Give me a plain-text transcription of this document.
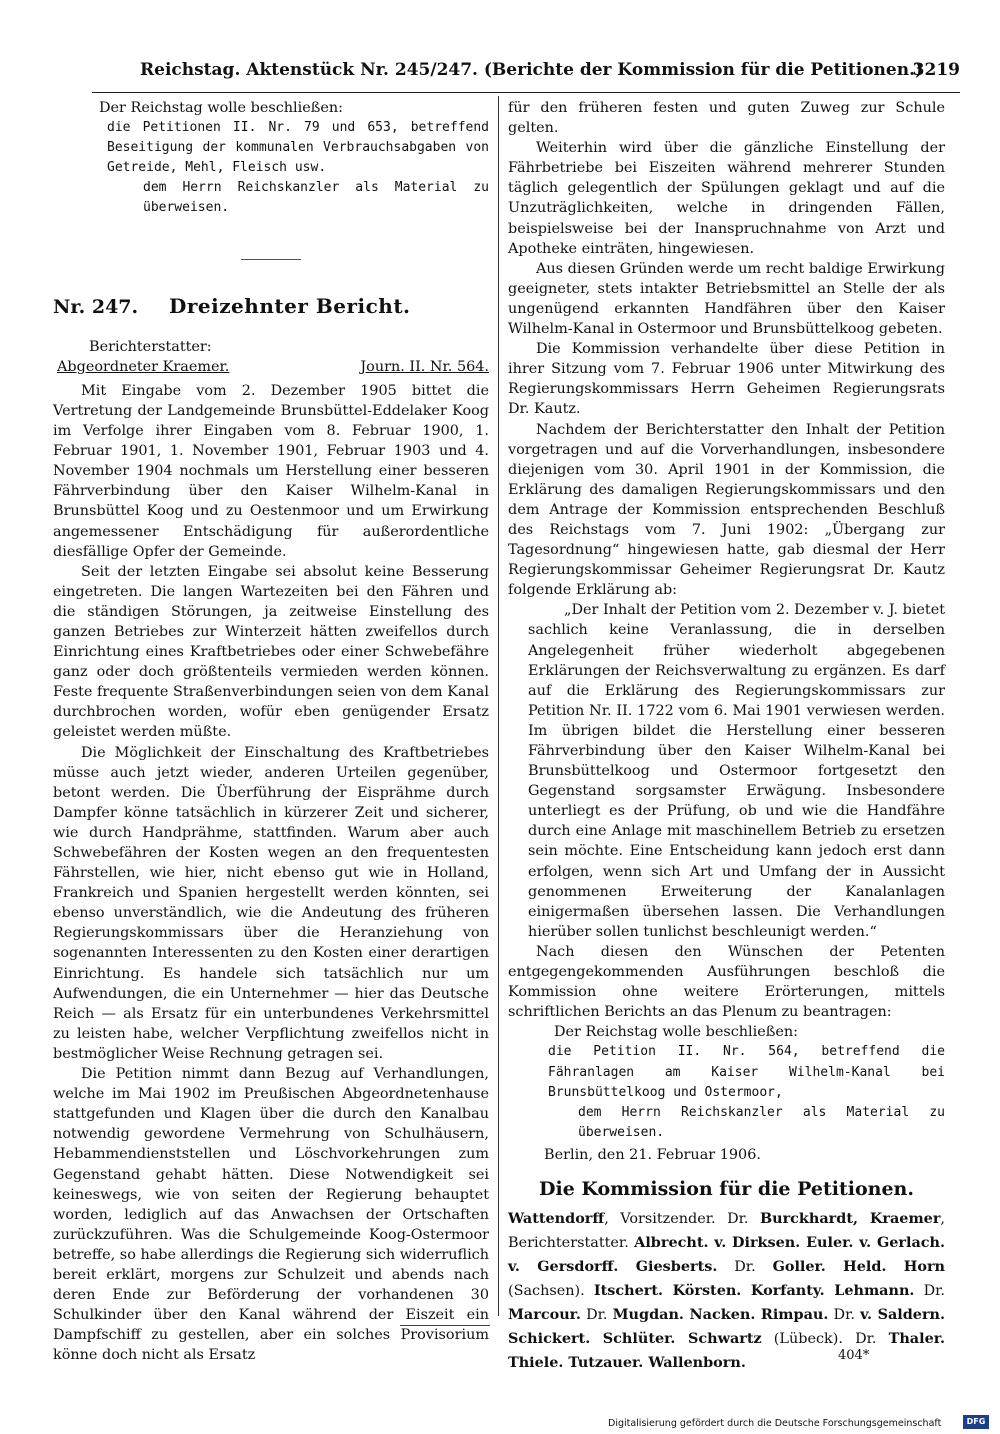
Reichstag. Aktenstück Nr. 245/247. (Berichte der Kommission für die Petitionen.)
3219

Der Reichstag wolle beschließen:

die Petitionen II. Nr. 79 und 653, betreffend Beseitigung der kommunalen Verbrauchsabgaben von Getreide, Mehl, Fleisch usw.

dem Herrn Reichskanzler als Material zu überweisen.

Nr. 247.	Dreizehnter Bericht.

Berichterstatter:

Abgeordneter Kraemer.	Journ. II. Nr. 564.

Mit Eingabe vom 2. Dezember 1905 bittet die Vertretung der Landgemeinde Brunsbüttel-Eddelaker Koog im Verfolge ihrer Eingaben vom 8. Februar 1900, 1. Februar 1901, 1. November 1901, Februar 1903 und 4. November 1904 nochmals um Herstellung einer besseren Fährverbindung über den Kaiser Wilhelm-Kanal in Brunsbüttel Koog und zu Oestenmoor und um Erwirkung angemessener Entschädigung für außerordentliche diesfällige Opfer der Gemeinde.

Seit der letzten Eingabe sei absolut keine Besserung eingetreten. Die langen Wartezeiten bei den Fähren und die ständigen Störungen, ja zeitweise Einstellung des ganzen Betriebes zur Winterzeit hätten zweifellos durch Einrichtung eines Kraftbetriebes oder einer Schwebefähre ganz oder doch größtenteils vermieden werden können. Feste frequente Straßenverbindungen seien von dem Kanal durchbrochen worden, wofür eben genügender Ersatz geleistet werden müßte.

Die Möglichkeit der Einschaltung des Kraftbetriebes müsse auch jetzt wieder, anderen Urteilen gegenüber, betont werden. Die Überführung der Eisprähme durch Dampfer könne tatsächlich in kürzerer Zeit und sicherer, wie durch Handprähme, stattfinden. Warum aber auch Schwebefähren der Kosten wegen an den frequentesten Fährstellen, wie hier, nicht ebenso gut wie in Holland, Frankreich und Spanien hergestellt werden könnten, sei ebenso unverständlich, wie die Andeutung des früheren Regierungskommissars über die Heranziehung von sogenannten Interessenten zu den Kosten einer derartigen Einrichtung. Es handele sich tatsächlich nur um Aufwendungen, die ein Unternehmer — hier das Deutsche Reich — als Ersatz für ein unterbundenes Verkehrsmittel zu leisten habe, welcher Verpflichtung zweifellos nicht in bestmöglicher Weise Rechnung getragen sei.

Die Petition nimmt dann Bezug auf Verhandlungen, welche im Mai 1902 im Preußischen Abgeordnetenhause stattgefunden und Klagen über die durch den Kanalbau notwendig gewordene Vermehrung von Schulhäusern, Hebammendienststellen und Löschvorkehrungen zum Gegenstand gehabt hätten. Diese Notwendigkeit sei keineswegs, wie von seiten der Regierung behauptet worden, lediglich auf das Anwachsen der Ortschaften zurückzuführen. Was die Schulgemeinde Koog-Ostermoor betreffe, so habe allerdings die Regierung sich widerruflich bereit erklärt, morgens zur Schulzeit und abends nach deren Ende zur Beförderung der vorhandenen 30 Schulkinder über den Kanal während der Eiszeit ein Dampfschiff zu gestellen, aber ein solches Provisorium könne doch nicht als Ersatz

für den früheren festen und guten Zuweg zur Schule gelten.

Weiterhin wird über die gänzliche Einstellung der Fährbetriebe bei Eiszeiten während mehrerer Stunden täglich gelegentlich der Spülungen geklagt und auf die Unzuträglichkeiten, welche in dringenden Fällen, beispielsweise bei der Inanspruchnahme von Arzt und Apotheke einträten, hingewiesen.

Aus diesen Gründen werde um recht baldige Erwirkung geeigneter, stets intakter Betriebsmittel an Stelle der als ungenügend erkannten Handfähren über den Kaiser Wilhelm-Kanal in Ostermoor und Brunsbüttelkoog gebeten.

Die Kommission verhandelte über diese Petition in ihrer Sitzung vom 7. Februar 1906 unter Mitwirkung des Regierungskommissars Herrn Geheimen Regierungsrats Dr. Kautz.

Nachdem der Berichterstatter den Inhalt der Petition vorgetragen und auf die Vorverhandlungen, insbesondere diejenigen vom 30. April 1901 in der Kommission, die Erklärung des damaligen Regierungskommissars und den dem Antrage der Kommission entsprechenden Beschluß des Reichstags vom 7. Juni 1902: „Übergang zur Tagesordnung“ hingewiesen hatte, gab diesmal der Herr Regierungskommissar Geheimer Regierungsrat Dr. Kautz folgende Erklärung ab:

„Der Inhalt der Petition vom 2. Dezember v. J. bietet sachlich keine Veranlassung, die in derselben Angelegenheit früher wiederholt abgegebenen Erklärungen der Reichsverwaltung zu ergänzen. Es darf auf die Erklärung des Regierungskommissars zur Petition Nr. II. 1722 vom 6. Mai 1901 verwiesen werden. Im übrigen bildet die Herstellung einer besseren Fährverbindung über den Kaiser Wilhelm-Kanal bei Brunsbüttelkoog und Ostermoor fortgesetzt den Gegenstand sorgsamster Erwägung. Insbesondere unterliegt es der Prüfung, ob und wie die Handfähre durch eine Anlage mit maschinellem Betrieb zu ersetzen sein möchte. Eine Entscheidung kann jedoch erst dann erfolgen, wenn sich Art und Umfang der in Aussicht genommenen Erweiterung der Kanalanlagen einigermaßen übersehen lassen. Die Verhandlungen hierüber sollen tunlichst beschleunigt werden.“

Nach diesen den Wünschen der Petenten entgegengekommenden Ausführungen beschloß die Kommission ohne weitere Erörterungen, mittels schriftlichen Berichts an das Plenum zu beantragen:

Der Reichstag wolle beschließen:

die Petition II. Nr. 564, betreffend die Fähranlagen am Kaiser Wilhelm-Kanal bei Brunsbüttelkoog und Ostermoor,

dem Herrn Reichskanzler als Material zu überweisen.

Berlin, den 21. Februar 1906.

Die Kommission für die Petitionen.

Wattendorff, Vorsitzender. Dr. Burckhardt, Kraemer, Berichterstatter. Albrecht. v. Dirksen. Euler. v. Gerlach. v. Gersdorff. Giesberts. Dr. Goller. Held. Horn (Sachsen). Itschert. Körsten. Korfanty. Lehmann. Dr. Marcour. Dr. Mugdan. Nacken. Rimpau. Dr. v. Saldern. Schickert. Schlüter. Schwartz (Lübeck). Dr. Thaler. Thiele. Tutzauer. Wallenborn.	404*
Digitalisierung gefördert durch die Deutsche Forschungsgemeinschaft	DFG
